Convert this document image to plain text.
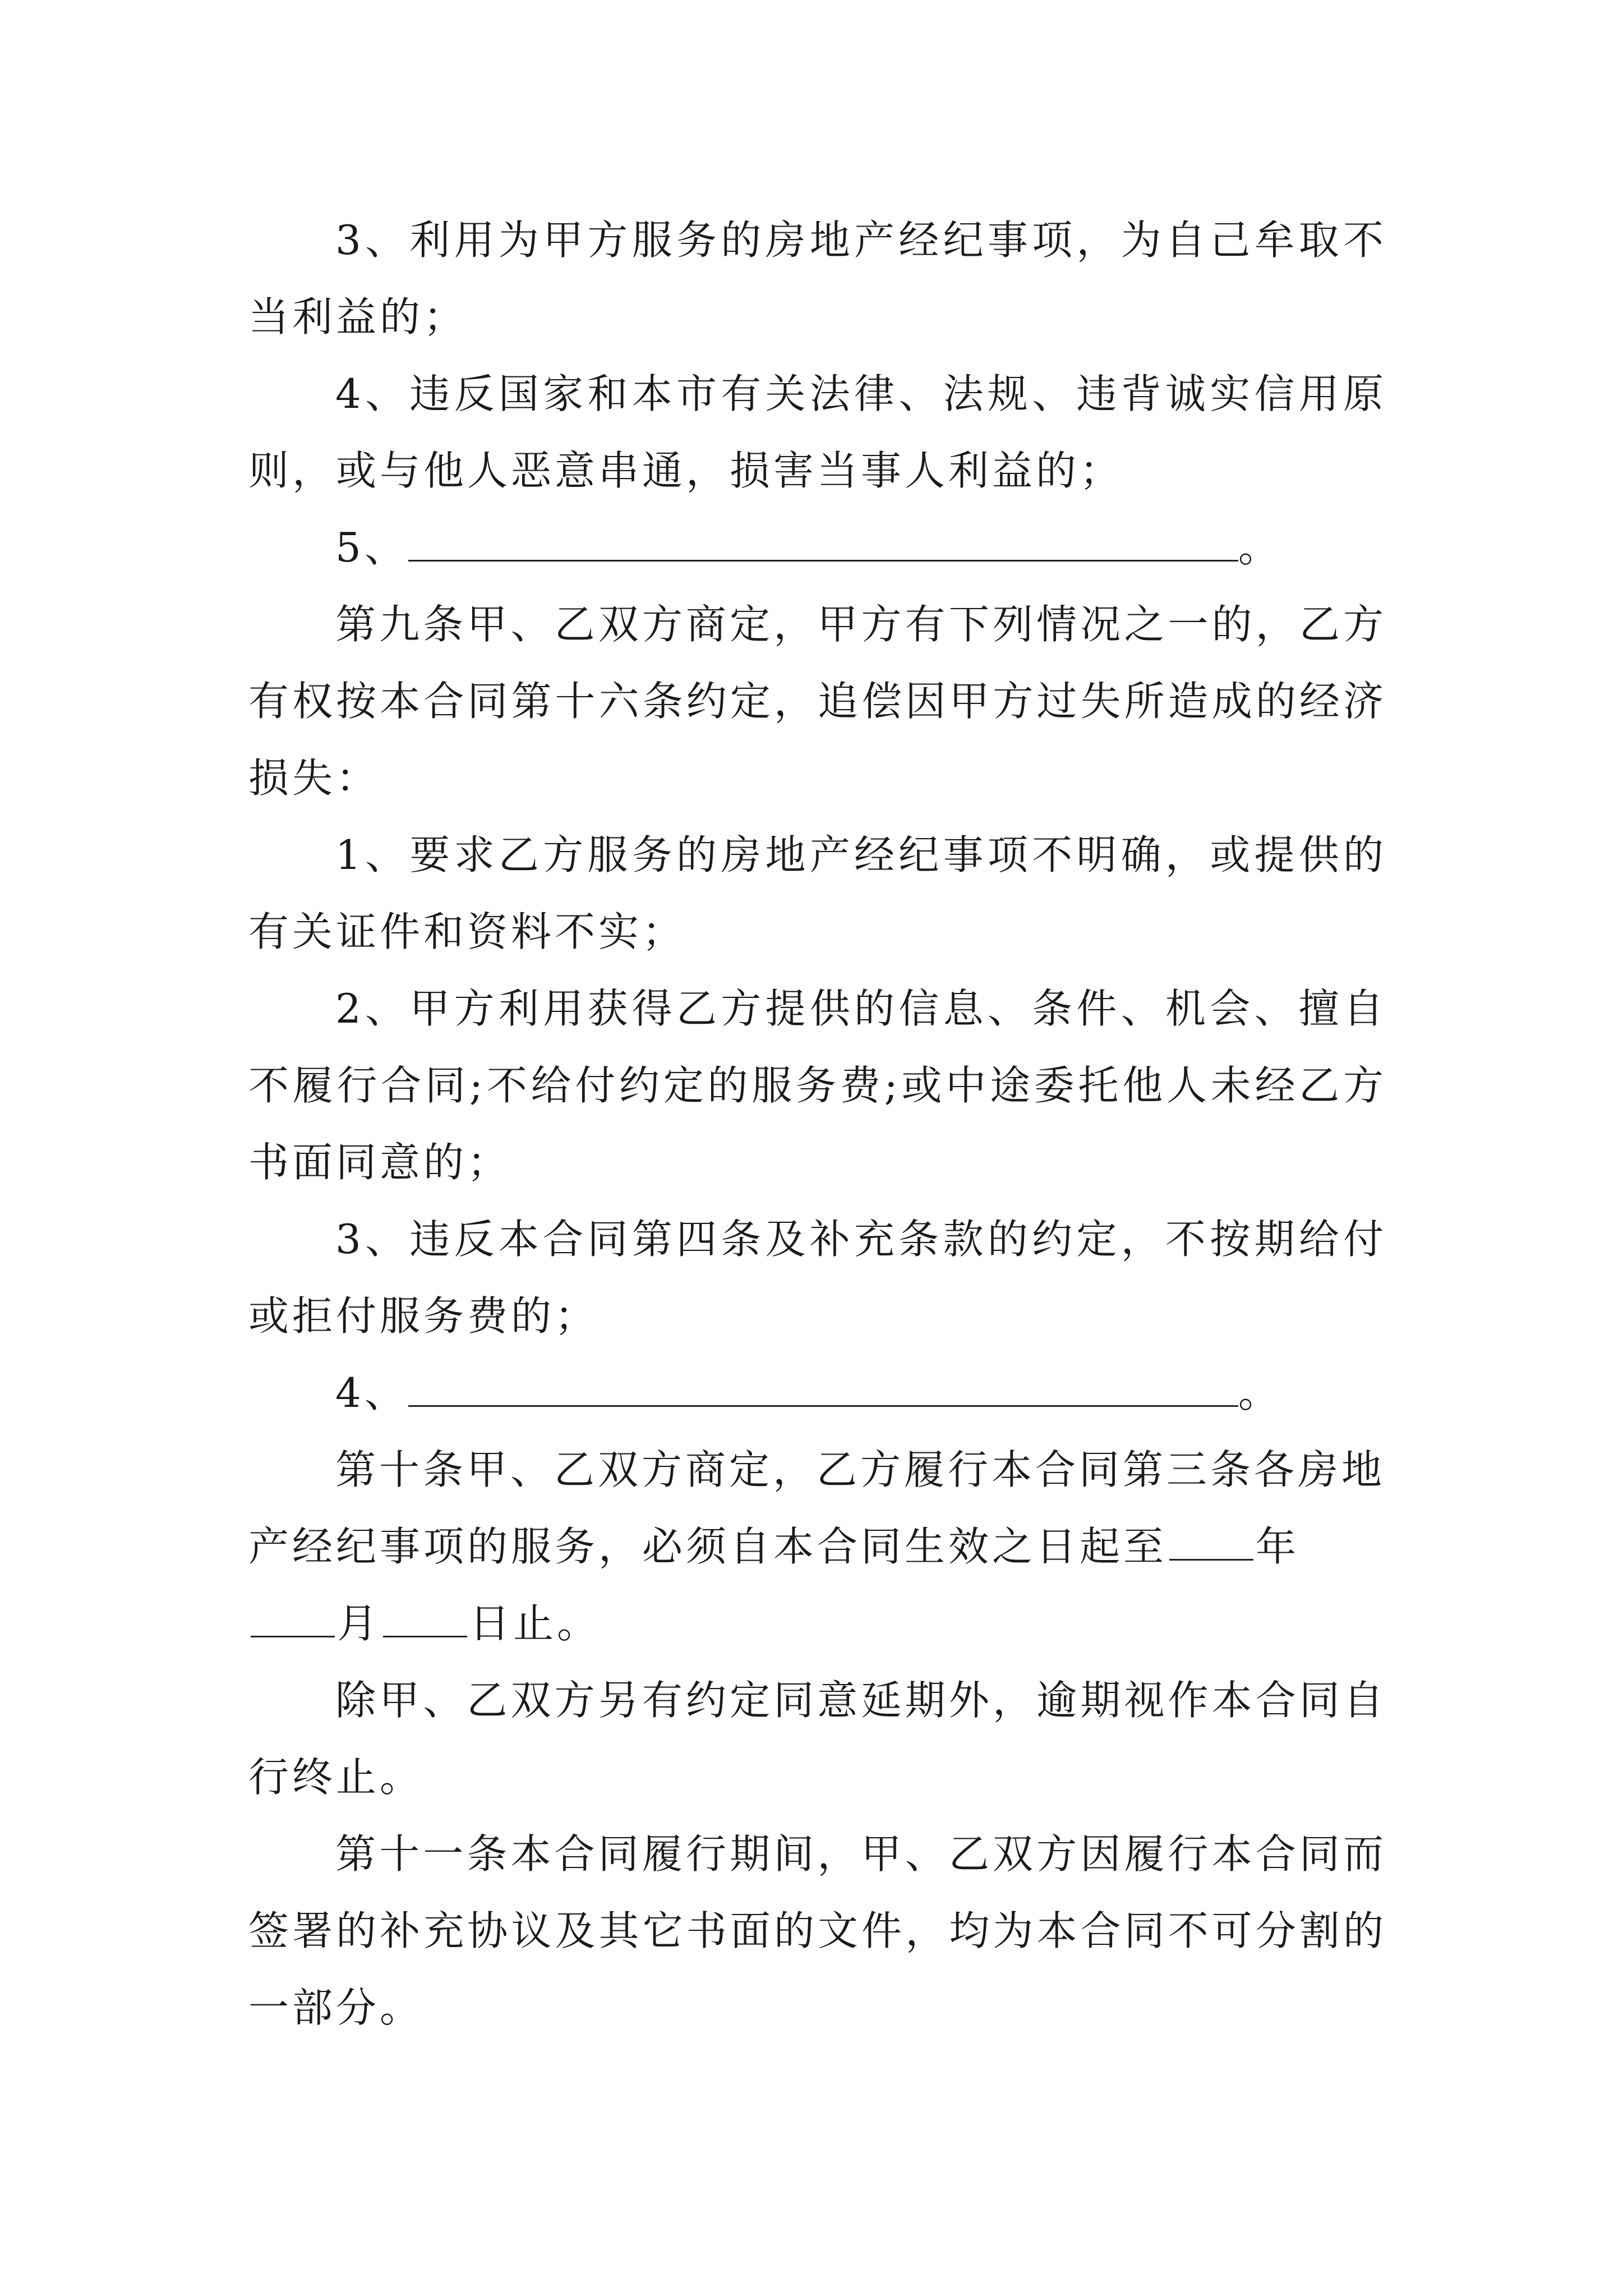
3、利用为甲方服务的房地产经纪事项，为自己牟取不当利益的；

4、违反国家和本市有关法律、法规、违背诚实信用原则，或与他人恶意串通，损害当事人利益的；

5、	。

第九条甲、乙双方商定，甲方有下列情况之一的，乙方有权按本合同第十六条约定，追偿因甲方过失所造成的经济损失：

1、要求乙方服务的房地产经纪事项不明确，或提供的有关证件和资料不实；

2、甲方利用获得乙方提供的信息、条件、机会、擅自不履行合同;不给付约定的服务费;或中途委托他人未经乙方书面同意的；

3、违反本合同第四条及补充条款的约定，不按期给付或拒付服务费的；

4、	。

第十条甲、乙双方商定，乙方履行本合同第三条各房地产经纪事项的服务，必须自本合同生效之日起至 年月 日止。

除甲、乙双方另有约定同意延期外，逾期视作本合同自行终止。

第十一条本合同履行期间，甲、乙双方因履行本合同而签署的补充协议及其它书面的文件，均为本合同不可分割的一部分。
